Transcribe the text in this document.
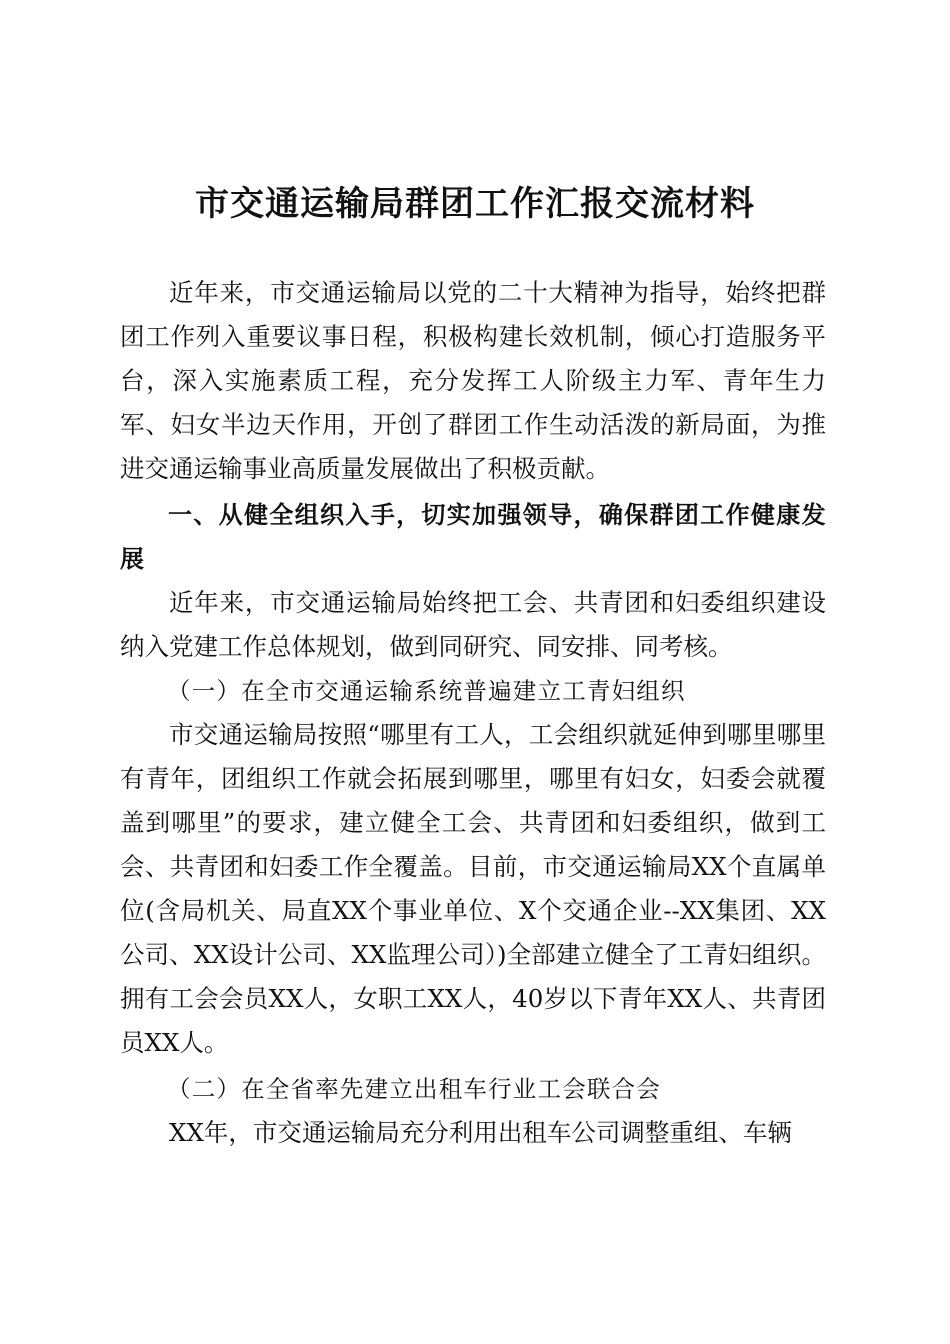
市交通运输局群团工作汇报交流材料

近年来，市交通运输局以党的二十大精神为指导，始终把群团工作列入重要议事日程，积极构建长效机制，倾心打造服务平台，深入实施素质工程，充分发挥工人阶级主力军、青年生力军、妇女半边天作用，开创了群团工作生动活泼的新局面，为推进交通运输事业高质量发展做出了积极贡献。

一、从健全组织入手，切实加强领导，确保群团工作健康发展

近年来，市交通运输局始终把工会、共青团和妇委组织建设纳入党建工作总体规划，做到同研究、同安排、同考核。

（一）在全市交通运输系统普遍建立工青妇组织

市交通运输局按照“哪里有工人，工会组织就延伸到哪里哪里有青年，团组织工作就会拓展到哪里，哪里有妇女，妇委会就覆盖到哪里”的要求，建立健全工会、共青团和妇委组织，做到工会、共青团和妇委工作全覆盖。目前，市交通运输局XX个直属单位(含局机关、局直XX个事业单位、X个交通企业--XX集团、XX公司、XX设计公司、XX监理公司）)全部建立健全了工青妇组织。拥有工会会员XX人，女职工XX人，40岁以下青年XX人、共青团员XX人。

（二）在全省率先建立出租车行业工会联合会

XX年，市交通运输局充分利用出租车公司调整重组、车辆
